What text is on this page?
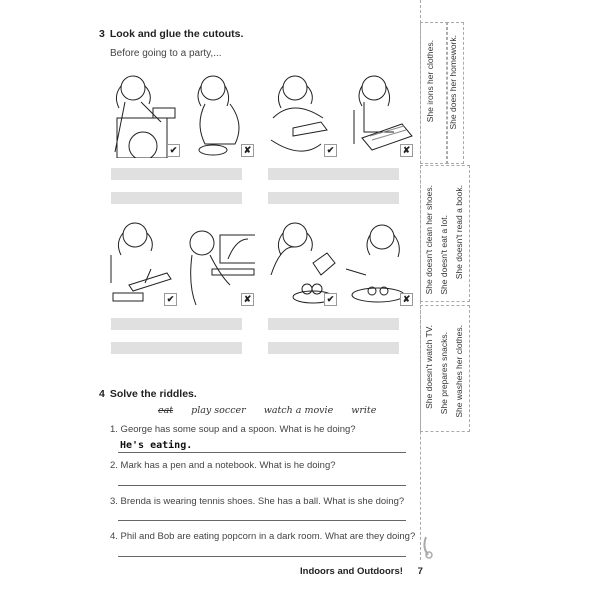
3 Look and glue the cutouts.
Before going to a party,...
✔	✘	✔	✘
✔	✘	✔	✘
She irons her clothes. She does her homework.
She doesn't clean her shoes. She doesn't eat a lot. She doesn't read a book.
She doesn't watch TV. She prepares snacks. She washes her clothes.
4 Solve the riddles.
eat play soccer watch a movie write
1. George has some soup and a spoon. What is he doing?
He's eating.
2. Mark has a pen and a notebook. What is he doing?
3. Brenda is wearing tennis shoes. She has a ball. What is she doing?
4. Phil and Bob are eating popcorn in a dark room. What are they doing?
Indoors and Outdoors! 7
